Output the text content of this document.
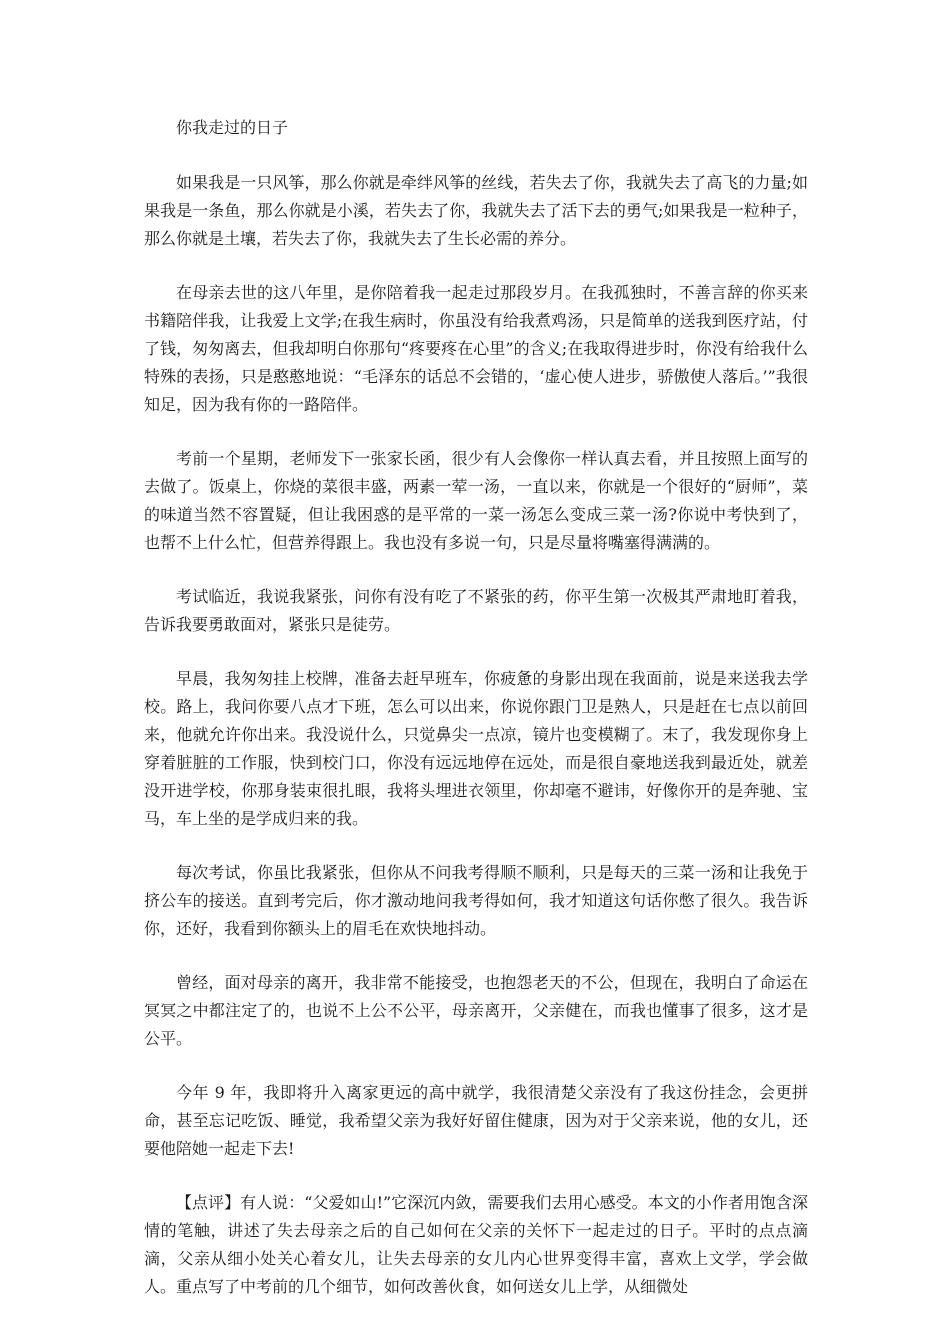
你我走过的日子

如果我是一只风筝，那么你就是牵绊风筝的丝线，若失去了你，我就失去了高飞的力量;如果我是一条鱼，那么你就是小溪，若失去了你，我就失去了活下去的勇气;如果我是一粒种子，那么你就是土壤，若失去了你，我就失去了生长必需的养分。

在母亲去世的这八年里，是你陪着我一起走过那段岁月。在我孤独时，不善言辞的你买来书籍陪伴我，让我爱上文学;在我生病时，你虽没有给我煮鸡汤，只是简单的送我到医疗站，付了钱，匆匆离去，但我却明白你那句“疼要疼在心里”的含义;在我取得进步时，你没有给我什么特殊的表扬，只是憨憨地说：“毛泽东的话总不会错的，‘虚心使人进步，骄傲使人落后。’”我很知足，因为我有你的一路陪伴。

考前一个星期，老师发下一张家长函，很少有人会像你一样认真去看，并且按照上面写的去做了。饭桌上，你烧的菜很丰盛，两素一荤一汤，一直以来，你就是一个很好的“厨师”，菜的味道当然不容置疑，但让我困惑的是平常的一菜一汤怎么变成三菜一汤?你说中考快到了，也帮不上什么忙，但营养得跟上。我也没有多说一句，只是尽量将嘴塞得满满的。

考试临近，我说我紧张，问你有没有吃了不紧张的药，你平生第一次极其严肃地盯着我，告诉我要勇敢面对，紧张只是徒劳。

早晨，我匆匆挂上校牌，准备去赶早班车，你疲惫的身影出现在我面前，说是来送我去学校。路上，我问你要八点才下班，怎么可以出来，你说你跟门卫是熟人，只是赶在七点以前回来，他就允许你出来。我没说什么，只觉鼻尖一点凉，镜片也变模糊了。末了，我发现你身上穿着脏脏的工作服，快到校门口，你没有远远地停在远处，而是很自豪地送我到最近处，就差没开进学校，你那身装束很扎眼，我将头埋进衣领里，你却毫不避讳，好像你开的是奔驰、宝马，车上坐的是学成归来的我。

每次考试，你虽比我紧张，但你从不问我考得顺不顺利，只是每天的三菜一汤和让我免于挤公车的接送。直到考完后，你才激动地问我考得如何，我才知道这句话你憋了很久。我告诉你，还好，我看到你额头上的眉毛在欢快地抖动。

曾经，面对母亲的离开，我非常不能接受，也抱怨老天的不公，但现在，我明白了命运在冥冥之中都注定了的，也说不上公不公平，母亲离开，父亲健在，而我也懂事了很多，这才是公平。

今年 9 年，我即将升入离家更远的高中就学，我很清楚父亲没有了我这份挂念，会更拼命，甚至忘记吃饭、睡觉，我希望父亲为我好好留住健康，因为对于父亲来说，他的女儿，还要他陪她一起走下去!

【点评】有人说：“父爱如山!”它深沉内敛，需要我们去用心感受。本文的小作者用饱含深情的笔触，讲述了失去母亲之后的自己如何在父亲的关怀下一起走过的日子。平时的点点滴滴，父亲从细小处关心着女儿，让失去母亲的女儿内心世界变得丰富，喜欢上文学，学会做人。重点写了中考前的几个细节，如何改善伙食，如何送女儿上学，从细微处
